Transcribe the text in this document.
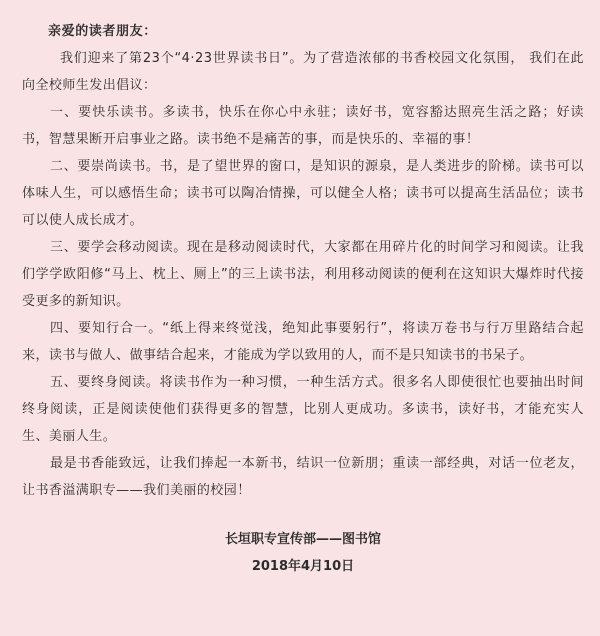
亲爱的读者朋友：

我们迎来了第23个“4·23世界读书日”。为了营造浓郁的书香校园文化氛围， 我们在此向全校师生发出倡议：

一、要快乐读书。多读书，快乐在你心中永驻；读好书，宽容豁达照亮生活之路；好读书，智慧果断开启事业之路。读书绝不是痛苦的事，而是快乐的、幸福的事！

二、要崇尚读书。书，是了望世界的窗口，是知识的源泉，是人类进步的阶梯。读书可以体味人生，可以感悟生命；读书可以陶冶情操，可以健全人格；读书可以提高生活品位；读书可以使人成长成才。

三、要学会移动阅读。现在是移动阅读时代，大家都在用碎片化的时间学习和阅读。让我们学学欧阳修“马上、枕上、厕上”的三上读书法，利用移动阅读的便利在这知识大爆炸时代接受更多的新知识。

四、要知行合一。“纸上得来终觉浅，绝知此事要躬行”，将读万卷书与行万里路结合起来，读书与做人、做事结合起来，才能成为学以致用的人，而不是只知读书的书呆子。

五、要终身阅读。将读书作为一种习惯，一种生活方式。很多名人即使很忙也要抽出时间终身阅读，正是阅读使他们获得更多的智慧，比别人更成功。多读书，读好书，才能充实人生、美丽人生。

最是书香能致远，让我们捧起一本新书，结识一位新朋；重读一部经典，对话一位老友，让书香溢满职专——我们美丽的校园！

长垣职专宣传部——图书馆
2018年4月10日
